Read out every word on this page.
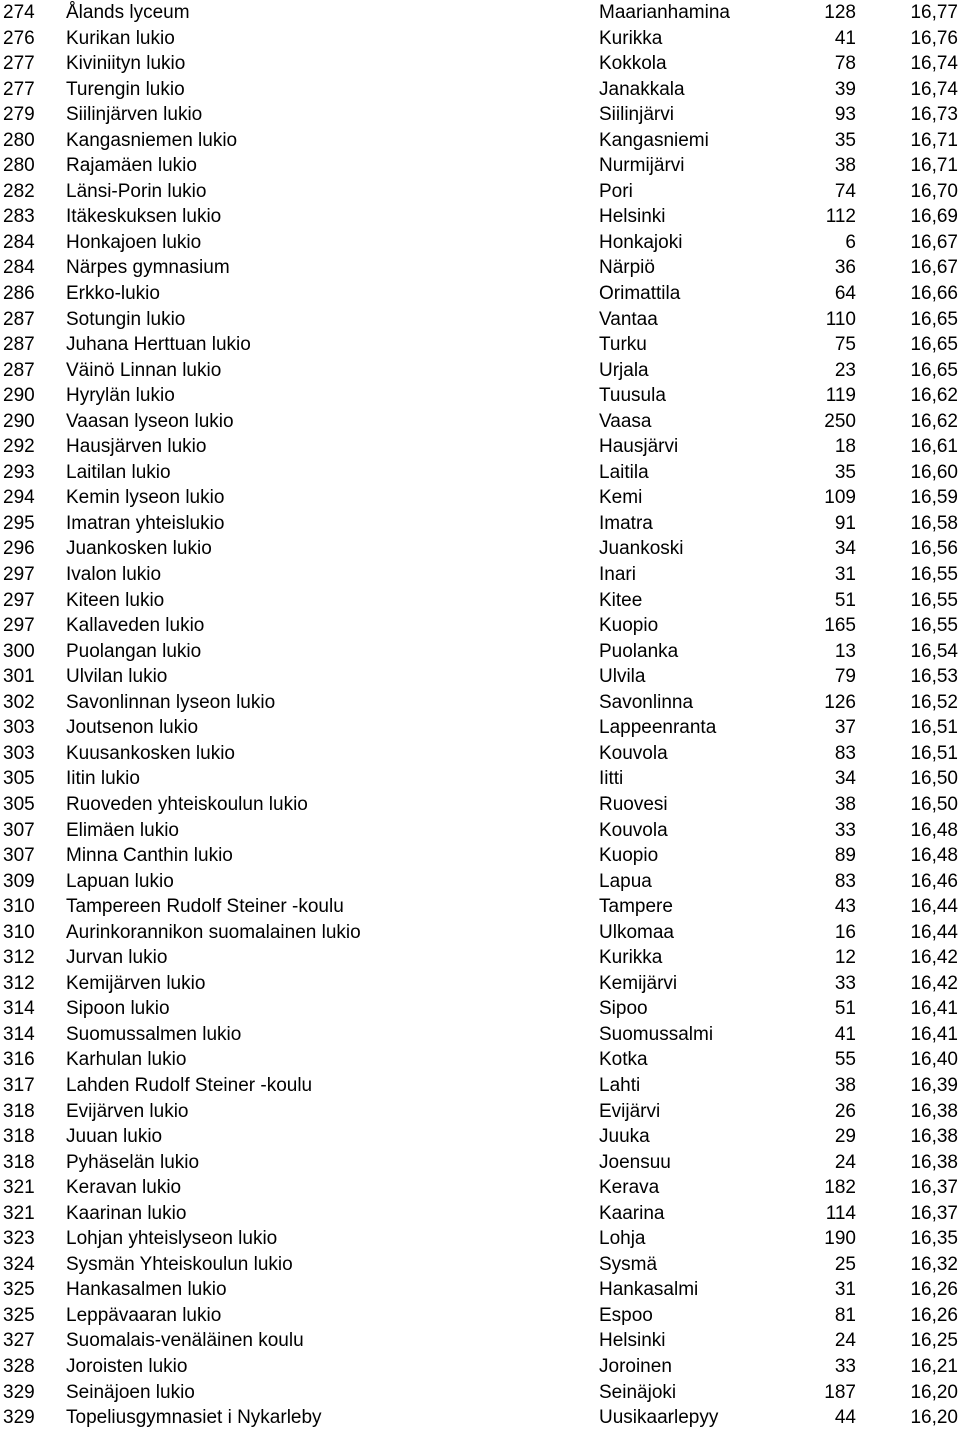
274 Ålands lyceum	Maarianhamina	128	16,77
276 Kurikan lukio	Kurikka	41	16,76
277 Kiviniityn lukio	Kokkola	78	16,74
277 Turengin lukio	Janakkala	39	16,74
279 Siilinjärven lukio	Siilinjärvi	93	16,73
280 Kangasniemen lukio	Kangasniemi	35	16,71
280 Rajamäen lukio	Nurmijärvi	38	16,71
282 Länsi-Porin lukio	Pori	74	16,70
283 Itäkeskuksen lukio	Helsinki	112	16,69
284 Honkajoen lukio	Honkajoki	6	16,67
284 Närpes gymnasium	Närpiö	36	16,67
286 Erkko-lukio	Orimattila	64	16,66
287 Sotungin lukio	Vantaa	110	16,65
287 Juhana Herttuan lukio	Turku	75	16,65
287 Väinö Linnan lukio	Urjala	23	16,65
290 Hyrylän lukio	Tuusula	119	16,62
290 Vaasan lyseon lukio	Vaasa	250	16,62
292 Hausjärven lukio	Hausjärvi	18	16,61
293 Laitilan lukio	Laitila	35	16,60
294 Kemin lyseon lukio	Kemi	109	16,59
295 Imatran yhteislukio	Imatra	91	16,58
296 Juankosken lukio	Juankoski	34	16,56
297 Ivalon lukio	Inari	31	16,55
297 Kiteen lukio	Kitee	51	16,55
297 Kallaveden lukio	Kuopio	165	16,55
300 Puolangan lukio	Puolanka	13	16,54
301 Ulvilan lukio	Ulvila	79	16,53
302 Savonlinnan lyseon lukio	Savonlinna	126	16,52
303 Joutsenon lukio	Lappeenranta	37	16,51
303 Kuusankosken lukio	Kouvola	83	16,51
305 Iitin lukio	Iitti	34	16,50
305 Ruoveden yhteiskoulun lukio	Ruovesi	38	16,50
307 Elimäen lukio	Kouvola	33	16,48
307 Minna Canthin lukio	Kuopio	89	16,48
309 Lapuan lukio	Lapua	83	16,46
310 Tampereen Rudolf Steiner -koulu	Tampere	43	16,44
310 Aurinkorannikon suomalainen lukio	Ulkomaa	16	16,44
312 Jurvan lukio	Kurikka	12	16,42
312 Kemijärven lukio	Kemijärvi	33	16,42
314 Sipoon lukio	Sipoo	51	16,41
314 Suomussalmen lukio	Suomussalmi	41	16,41
316 Karhulan lukio	Kotka	55	16,40
317 Lahden Rudolf Steiner -koulu	Lahti	38	16,39
318 Evijärven lukio	Evijärvi	26	16,38
318 Juuan lukio	Juuka	29	16,38
318 Pyhäselän lukio	Joensuu	24	16,38
321 Keravan lukio	Kerava	182	16,37
321 Kaarinan lukio	Kaarina	114	16,37
323 Lohjan yhteislyseon lukio	Lohja	190	16,35
324 Sysmän Yhteiskoulun lukio	Sysmä	25	16,32
325 Hankasalmen lukio	Hankasalmi	31	16,26
325 Leppävaaran lukio	Espoo	81	16,26
327 Suomalais-venäläinen koulu	Helsinki	24	16,25
328 Joroisten lukio	Joroinen	33	16,21
329 Seinäjoen lukio	Seinäjoki	187	16,20
329 Topeliusgymnasiet i Nykarleby	Uusikaarlepyy	44	16,20
